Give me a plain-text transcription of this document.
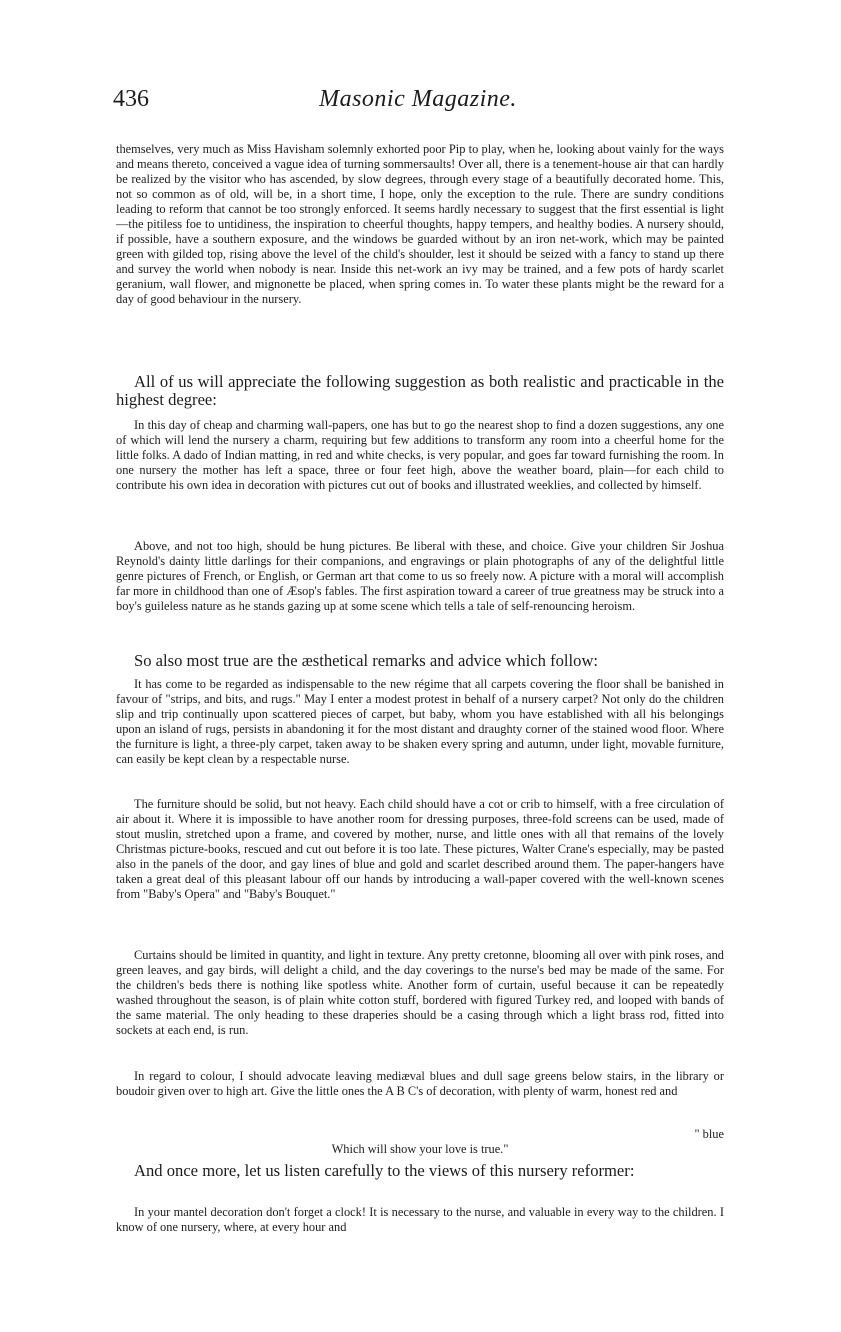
436	Masonic Magazine.

themselves, very much as Miss Havisham solemnly exhorted poor Pip to play, when he, looking about vainly for the ways and means thereto, conceived a vague idea of turning sommersaults! Over all, there is a tenement-house air that can hardly be realized by the visitor who has ascended, by slow degrees, through every stage of a beautifully decorated home. This, not so common as of old, will be, in a short time, I hope, only the exception to the rule. There are sundry conditions leading to reform that cannot be too strongly enforced. It seems hardly necessary to suggest that the first essential is light—the pitiless foe to untidiness, the inspiration to cheerful thoughts, happy tempers, and healthy bodies. A nursery should, if possible, have a southern exposure, and the windows be guarded without by an iron net-work, which may be painted green with gilded top, rising above the level of the child's shoulder, lest it should be seized with a fancy to stand up there and survey the world when nobody is near. Inside this net-work an ivy may be trained, and a few pots of hardy scarlet geranium, wall flower, and mignonette be placed, when spring comes in. To water these plants might be the reward for a day of good behaviour in the nursery.

All of us will appreciate the following suggestion as both realistic and practicable in the highest degree:

In this day of cheap and charming wall-papers, one has but to go the nearest shop to find a dozen suggestions, any one of which will lend the nursery a charm, requiring but few additions to transform any room into a cheerful home for the little folks. A dado of Indian matting, in red and white checks, is very popular, and goes far toward furnishing the room. In one nursery the mother has left a space, three or four feet high, above the weather board, plain—for each child to contribute his own idea in decoration with pictures cut out of books and illustrated weeklies, and collected by himself.

Above, and not too high, should be hung pictures. Be liberal with these, and choice. Give your children Sir Joshua Reynold's dainty little darlings for their companions, and engravings or plain photographs of any of the delightful little genre pictures of French, or English, or German art that come to us so freely now. A picture with a moral will accomplish far more in childhood than one of Æsop's fables. The first aspiration toward a career of true greatness may be struck into a boy's guileless nature as he stands gazing up at some scene which tells a tale of self-renouncing heroism.

So also most true are the æsthetical remarks and advice which follow:

It has come to be regarded as indispensable to the new régime that all carpets covering the floor shall be banished in favour of "strips, and bits, and rugs." May I enter a modest protest in behalf of a nursery carpet? Not only do the children slip and trip continually upon scattered pieces of carpet, but baby, whom you have established with all his belongings upon an island of rugs, persists in abandoning it for the most distant and draughty corner of the stained wood floor. Where the furniture is light, a three-ply carpet, taken away to be shaken every spring and autumn, under light, movable furniture, can easily be kept clean by a respectable nurse.

The furniture should be solid, but not heavy. Each child should have a cot or crib to himself, with a free circulation of air about it. Where it is impossible to have another room for dressing purposes, three-fold screens can be used, made of stout muslin, stretched upon a frame, and covered by mother, nurse, and little ones with all that remains of the lovely Christmas picture-books, rescued and cut out before it is too late. These pictures, Walter Crane's especially, may be pasted also in the panels of the door, and gay lines of blue and gold and scarlet described around them. The paper-hangers have taken a great deal of this pleasant labour off our hands by introducing a wall-paper covered with the well-known scenes from "Baby's Opera" and "Baby's Bouquet."

Curtains should be limited in quantity, and light in texture. Any pretty cretonne, blooming all over with pink roses, and green leaves, and gay birds, will delight a child, and the day coverings to the nurse's bed may be made of the same. For the children's beds there is nothing like spotless white. Another form of curtain, useful because it can be repeatedly washed throughout the season, is of plain white cotton stuff, bordered with figured Turkey red, and looped with bands of the same material. The only heading to these draperies should be a casing through which a light brass rod, fitted into sockets at each end, is run.

In regard to colour, I should advocate leaving mediæval blues and dull sage greens below stairs, in the library or boudoir given over to high art. Give the little ones the A B C's of decoration, with plenty of warm, honest red and

" blue

Which will show your love is true."

And once more, let us listen carefully to the views of this nursery reformer:

In your mantel decoration don't forget a clock! It is necessary to the nurse, and valuable in every way to the children. I know of one nursery, where, at every hour and
